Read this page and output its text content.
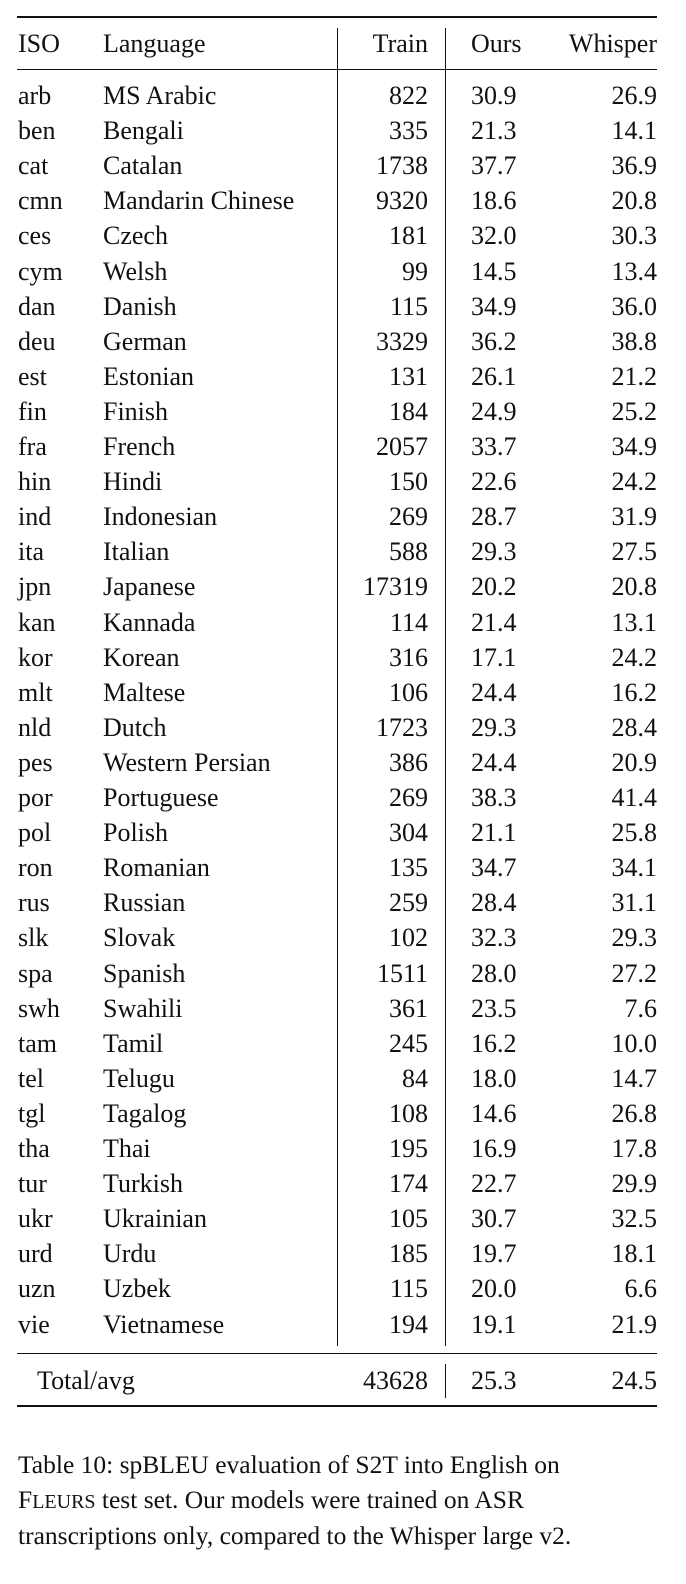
ISO Language	Train Ours Whisper
arb MS Arabic	822 30.9	26.9
ben Bengali	335 21.3	14.1
cat Catalan	1738 37.7	36.9
cmn Mandarin Chinese	9320 18.6	20.8
ces Czech	181 32.0	30.3
cym Welsh	99 14.5	13.4
dan Danish	115 34.9	36.0
deu German	3329 36.2	38.8
est Estonian	131 26.1	21.2
fin Finish	184 24.9	25.2
fra French	2057 33.7	34.9
hin Hindi	150 22.6	24.2
ind Indonesian	269 28.7	31.9
ita Italian	588 29.3	27.5
jpn Japanese	17319 20.2	20.8
kan Kannada	114 21.4	13.1
kor Korean	316 17.1	24.2
mlt Maltese	106 24.4	16.2
nld Dutch	1723 29.3	28.4
pes Western Persian	386 24.4	20.9
por Portuguese	269 38.3	41.4
pol Polish	304 21.1	25.8
ron Romanian	135 34.7	34.1
rus Russian	259 28.4	31.1
slk Slovak	102 32.3	29.3
spa Spanish	1511 28.0	27.2
swh Swahili	361 23.5	7.6
tam Tamil	245 16.2	10.0
tel Telugu	84 18.0	14.7
tgl Tagalog	108 14.6	26.8
tha Thai	195 16.9	17.8
tur Turkish	174 22.7	29.9
ukr Ukrainian	105 30.7	32.5
urd Urdu	185 19.7	18.1
uzn Uzbek	115 20.0	6.6
vie Vietnamese	194 19.1	21.9
Total/avg	43628 25.3	24.5
Table 10: spBLEU evaluation of S2T into English on
FLEURS test set. Our models were trained on ASR
transcriptions only, compared to the Whisper large v2.
